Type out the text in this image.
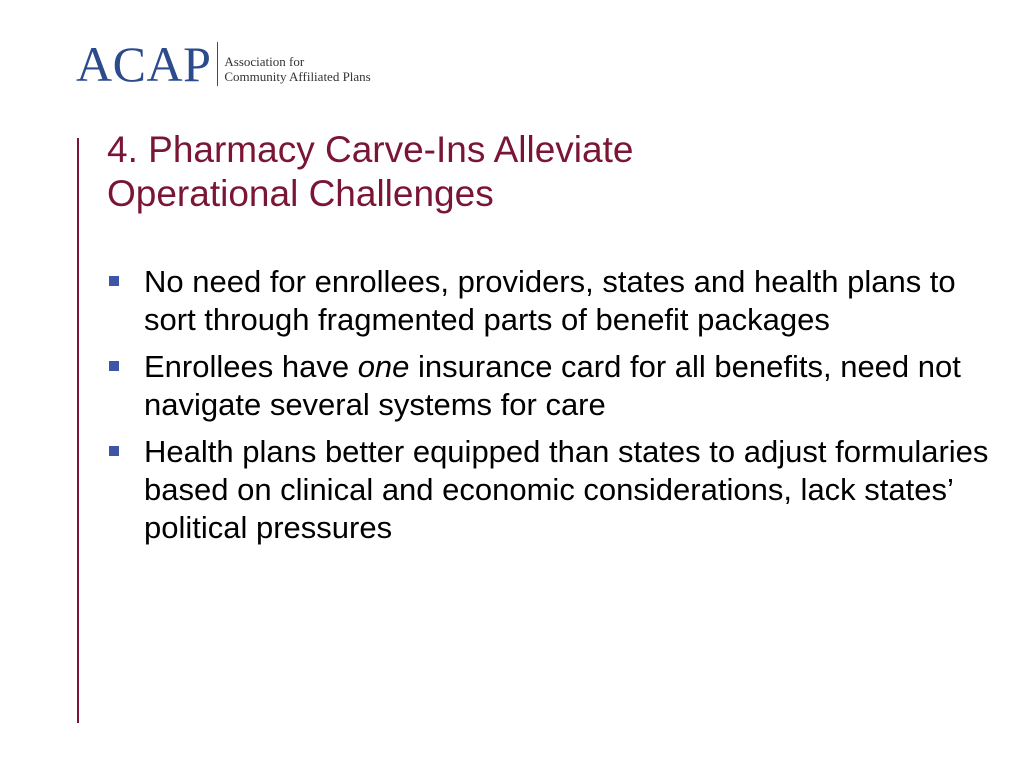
ACAP Association for
Community Affiliated Plans
4. Pharmacy Carve-Ins Alleviate
Operational Challenges
No need for enrollees, providers, states and health plans to sort through fragmented parts of benefit packages
Enrollees have one insurance card for all benefits, need not navigate several systems for care
Health plans better equipped than states to adjust formularies based on clinical and economic considerations, lack states’ political pressures
